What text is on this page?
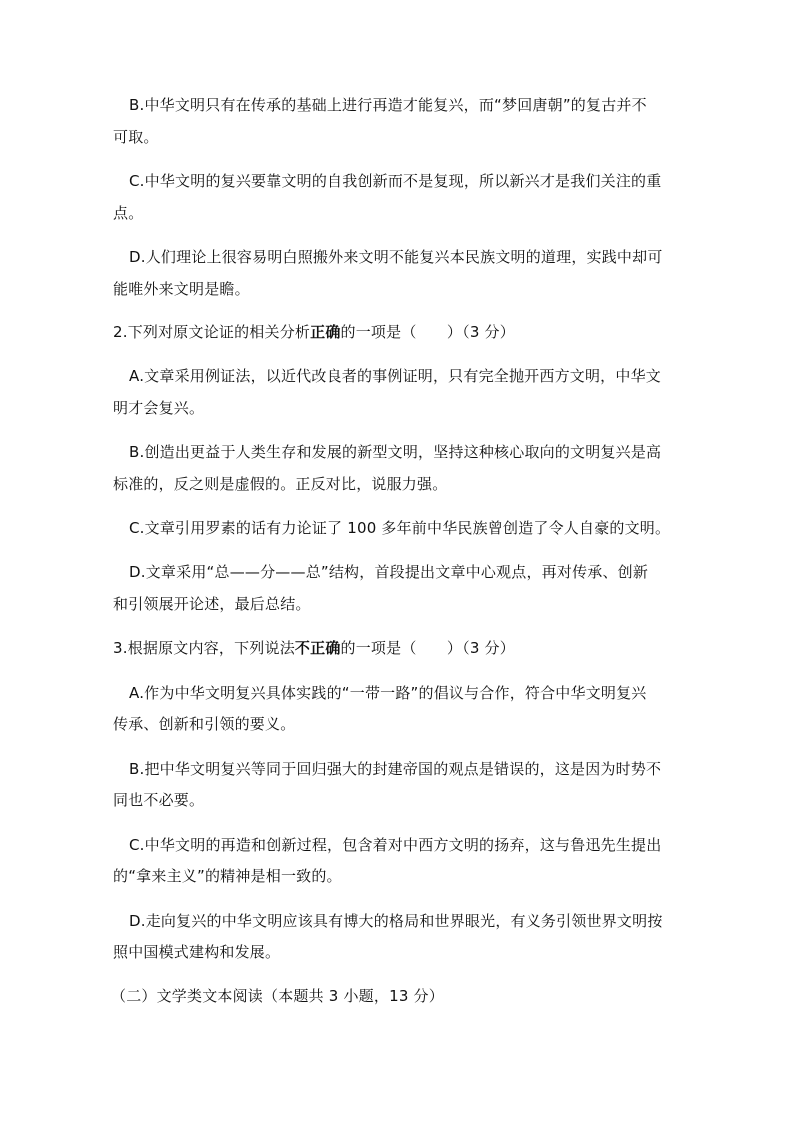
B.中华文明只有在传承的基础上进行再造才能复兴，而“梦回唐朝”的复古并不
可取。
C.中华文明的复兴要靠文明的自我创新而不是复现，所以新兴才是我们关注的重
点。
D.人们理论上很容易明白照搬外来文明不能复兴本民族文明的道理，实践中却可
能唯外来文明是瞻。
2.下列对原文论证的相关分析正确的一项是（　　）（3 分）
A.文章采用例证法，以近代改良者的事例证明，只有完全抛开西方文明，中华文
明才会复兴。
B.创造出更益于人类生存和发展的新型文明，坚持这种核心取向的文明复兴是高
标准的，反之则是虚假的。正反对比，说服力强。
C.文章引用罗素的话有力论证了 100 多年前中华民族曾创造了令人自豪的文明。
D.文章采用“总——分——总”结构，首段提出文章中心观点，再对传承、创新
和引领展开论述，最后总结。
3.根据原文内容，下列说法不正确的一项是（　　）（3 分）
A.作为中华文明复兴具体实践的“一带一路”的倡议与合作，符合中华文明复兴
传承、创新和引领的要义。
B.把中华文明复兴等同于回归强大的封建帝国的观点是错误的，这是因为时势不
同也不必要。
C.中华文明的再造和创新过程，包含着对中西方文明的扬弃，这与鲁迅先生提出
的“拿来主义”的精神是相一致的。
D.走向复兴的中华文明应该具有博大的格局和世界眼光，有义务引领世界文明按
照中国模式建构和发展。
（二）文学类文本阅读（本题共 3 小题，13 分）
